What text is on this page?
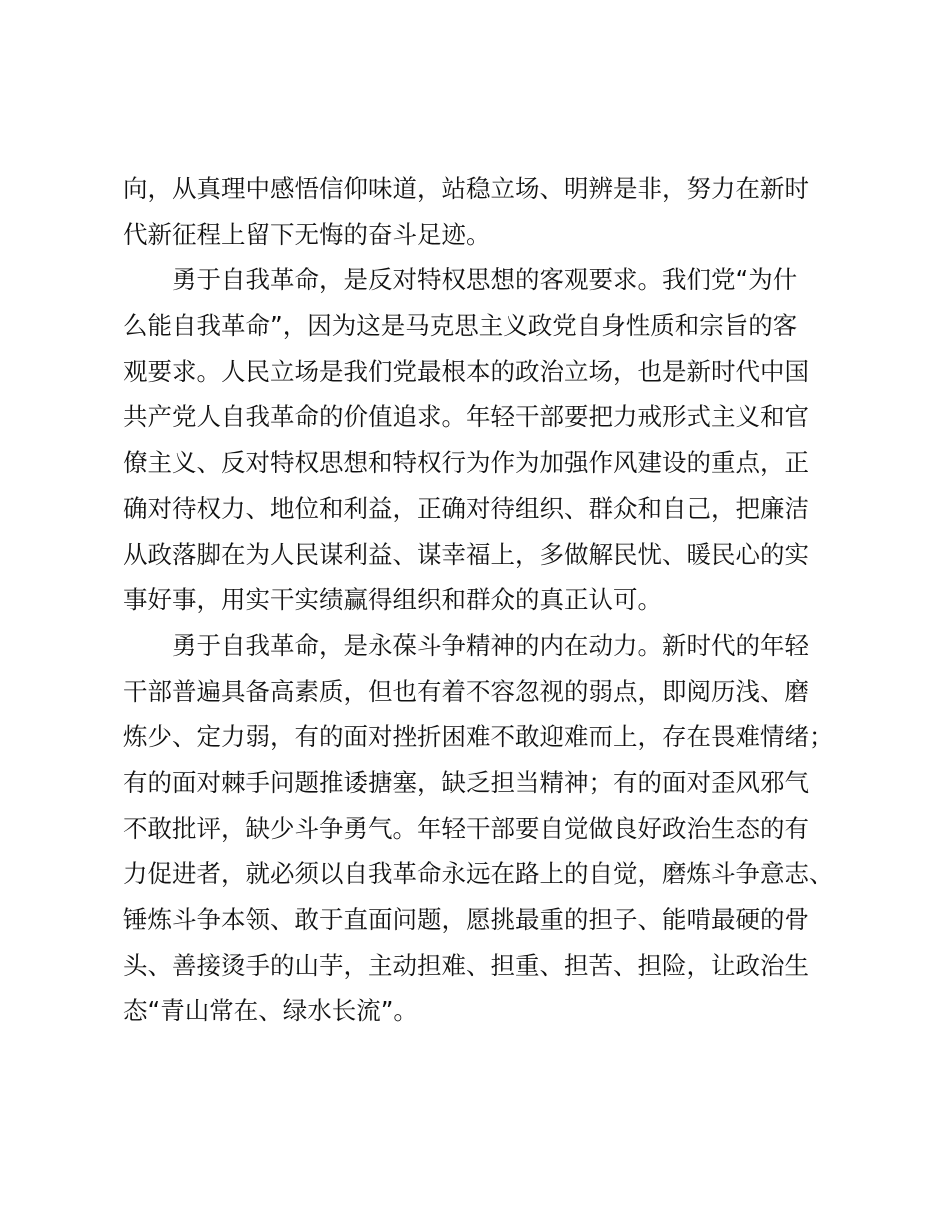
向，从真理中感悟信仰味道，站稳立场、明辨是非，努力在新时
代新征程上留下无悔的奋斗足迹。
勇于自我革命，是反对特权思想的客观要求。我们党“为什
么能自我革命”，因为这是马克思主义政党自身性质和宗旨的客
观要求。人民立场是我们党最根本的政治立场，也是新时代中国
共产党人自我革命的价值追求。年轻干部要把力戒形式主义和官
僚主义、反对特权思想和特权行为作为加强作风建设的重点，正
确对待权力、地位和利益，正确对待组织、群众和自己，把廉洁
从政落脚在为人民谋利益、谋幸福上，多做解民忧、暖民心的实
事好事，用实干实绩赢得组织和群众的真正认可。
勇于自我革命，是永葆斗争精神的内在动力。新时代的年轻
干部普遍具备高素质，但也有着不容忽视的弱点，即阅历浅、磨
炼少、定力弱，有的面对挫折困难不敢迎难而上，存在畏难情绪；
有的面对棘手问题推诿搪塞，缺乏担当精神；有的面对歪风邪气
不敢批评，缺少斗争勇气。年轻干部要自觉做良好政治生态的有
力促进者，就必须以自我革命永远在路上的自觉，磨炼斗争意志、
锤炼斗争本领、敢于直面问题，愿挑最重的担子、能啃最硬的骨
头、善接烫手的山芋，主动担难、担重、担苦、担险，让政治生
态“青山常在、绿水长流”。
